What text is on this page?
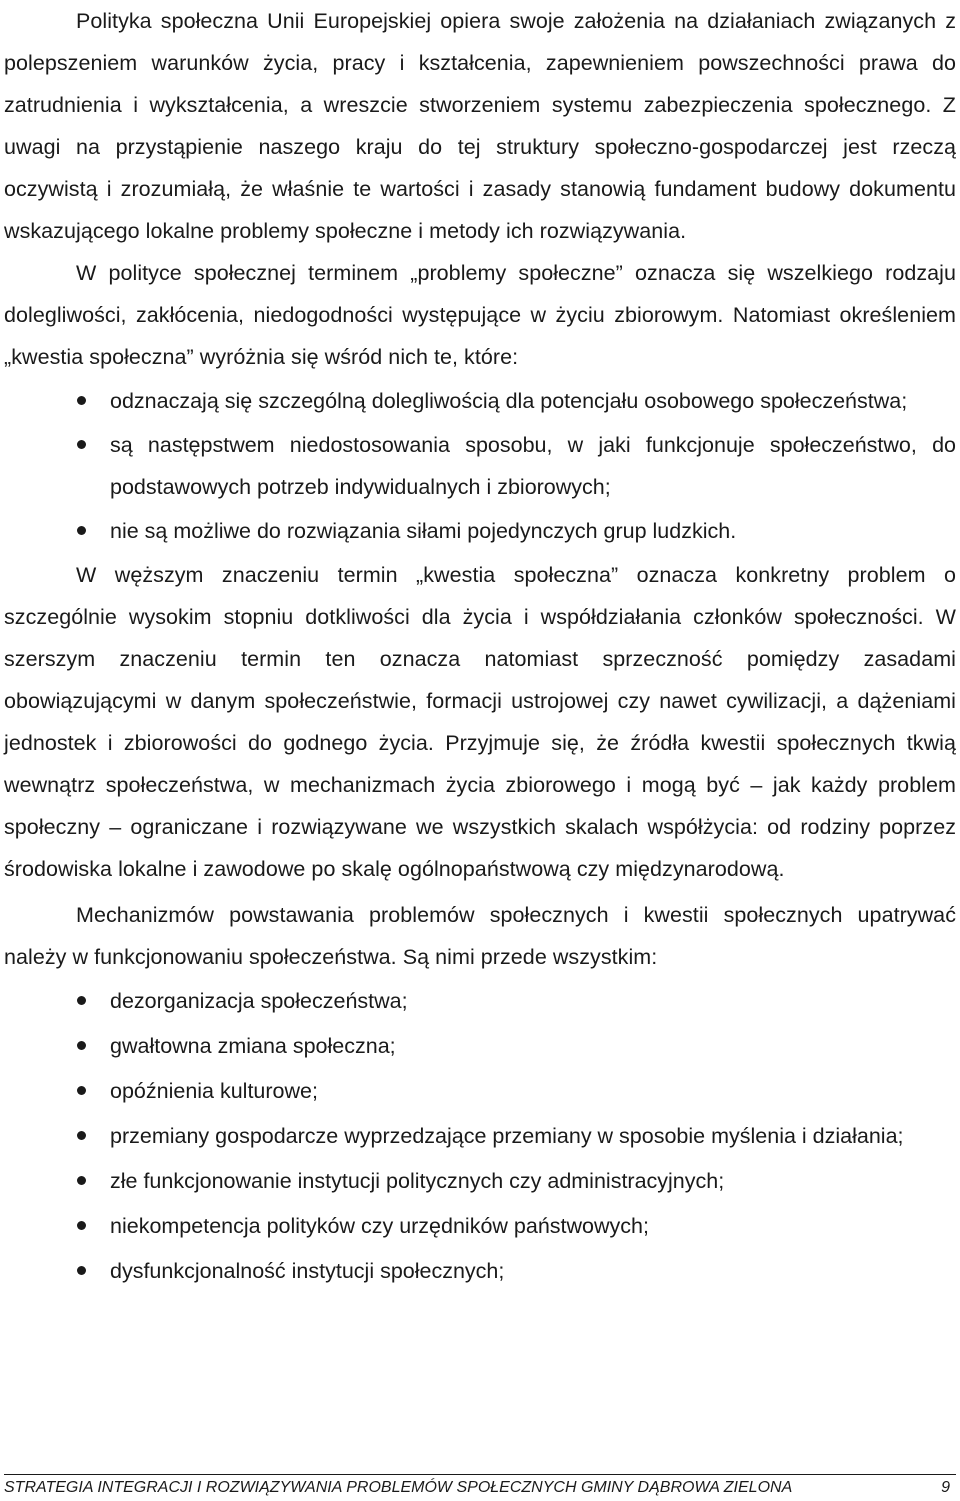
Polityka społeczna Unii Europejskiej opiera swoje założenia na działaniach związanych z polepszeniem warunków życia, pracy i kształcenia, zapewnieniem powszechności prawa do zatrudnienia i wykształcenia, a wreszcie stworzeniem systemu zabezpieczenia społecznego. Z uwagi na przystąpienie naszego kraju do tej struktury społeczno-gospodarczej jest rzeczą oczywistą i zrozumiałą, że właśnie te wartości i zasady stanowią fundament budowy dokumentu wskazującego lokalne problemy społeczne i metody ich rozwiązywania.

W polityce społecznej terminem „problemy społeczne” oznacza się wszelkiego rodzaju dolegliwości, zakłócenia, niedogodności występujące w życiu zbiorowym. Natomiast określeniem „kwestia społeczna” wyróżnia się wśród nich te, które:

odznaczają się szczególną dolegliwością dla potencjału osobowego społeczeństwa;
są następstwem niedostosowania sposobu, w jaki funkcjonuje społeczeństwo, do podstawowych potrzeb indywidualnych i zbiorowych;
nie są możliwe do rozwiązania siłami pojedynczych grup ludzkich.

W węższym znaczeniu termin „kwestia społeczna” oznacza konkretny problem o szczególnie wysokim stopniu dotkliwości dla życia i współdziałania członków społeczności. W szerszym znaczeniu termin ten oznacza natomiast sprzeczność pomiędzy zasadami obowiązującymi w danym społeczeństwie, formacji ustrojowej czy nawet cywilizacji, a dążeniami jednostek i zbiorowości do godnego życia. Przyjmuje się, że źródła kwestii społecznych tkwią wewnątrz społeczeństwa, w mechanizmach życia zbiorowego i mogą być – jak każdy problem społeczny – ograniczane i rozwiązywane we wszystkich skalach współżycia: od rodziny poprzez środowiska lokalne i zawodowe po skalę ogólnopaństwową czy międzynarodową.

Mechanizmów powstawania problemów społecznych i kwestii społecznych upatrywać należy w funkcjonowaniu społeczeństwa. Są nimi przede wszystkim:

dezorganizacja społeczeństwa;
gwałtowna zmiana społeczna;
opóźnienia kulturowe;
przemiany gospodarcze wyprzedzające przemiany w sposobie myślenia i działania;
złe funkcjonowanie instytucji politycznych czy administracyjnych;
niekompetencja polityków czy urzędników państwowych;
dysfunkcjonalność instytucji społecznych;
STRATEGIA INTEGRACJI I ROZWIĄZYWANIA PROBLEMÓW SPOŁECZNYCH GMINY DĄBROWA ZIELONA	9
